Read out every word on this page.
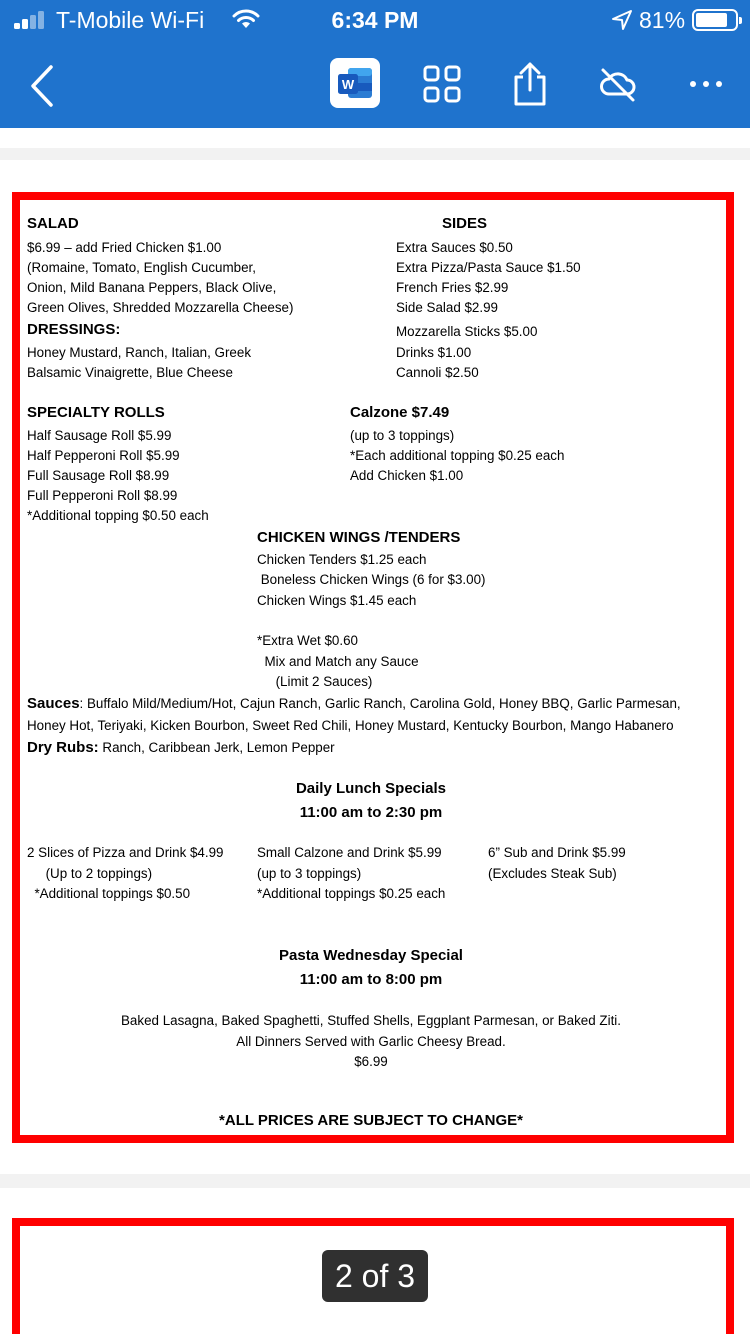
T-Mobile Wi-Fi	6:34 PM	81%
W
SALAD
$6.99 – add Fried Chicken $1.00
(Romaine, Tomato, English Cucumber,
Onion, Mild Banana Peppers, Black Olive,
Green Olives, Shredded Mozzarella Cheese)
DRESSINGS:
Honey Mustard, Ranch, Italian, Greek
Balsamic Vinaigrette, Blue Cheese
SIDES
Extra Sauces $0.50
Extra Pizza/Pasta Sauce $1.50
French Fries $2.99
Side Salad $2.99
Mozzarella Sticks $5.00
Drinks $1.00
Cannoli $2.50
SPECIALTY ROLLS
Half Sausage Roll $5.99
Half Pepperoni Roll $5.99
Full Sausage Roll $8.99
Full Pepperoni Roll $8.99
*Additional topping $0.50 each
Calzone $7.49
(up to 3 toppings)
*Each additional topping $0.25 each
Add Chicken $1.00
CHICKEN WINGS /TENDERS
Chicken Tenders $1.25 each
Boneless Chicken Wings (6 for $3.00)
Chicken Wings $1.45 each
*Extra Wet $0.60
Mix and Match any Sauce
(Limit 2 Sauces)
Sauces: Buffalo Mild/Medium/Hot, Cajun Ranch, Garlic Ranch, Carolina Gold, Honey BBQ, Garlic Parmesan,
Honey Hot, Teriyaki, Kicken Bourbon, Sweet Red Chili, Honey Mustard, Kentucky Bourbon, Mango Habanero
Dry Rubs: Ranch, Caribbean Jerk, Lemon Pepper
Daily Lunch Specials
11:00 am to 2:30 pm
2 Slices of Pizza and Drink $4.99
(Up to 2 toppings)
*Additional toppings $0.50
Small Calzone and Drink $5.99
(up to 3 toppings)
*Additional toppings $0.25 each
6” Sub and Drink $5.99
(Excludes Steak Sub)
Pasta Wednesday Special
11:00 am to 8:00 pm
Baked Lasagna, Baked Spaghetti, Stuffed Shells, Eggplant Parmesan, or Baked Ziti.
All Dinners Served with Garlic Cheesy Bread.
$6.99
*ALL PRICES ARE SUBJECT TO CHANGE*
2 of 3
